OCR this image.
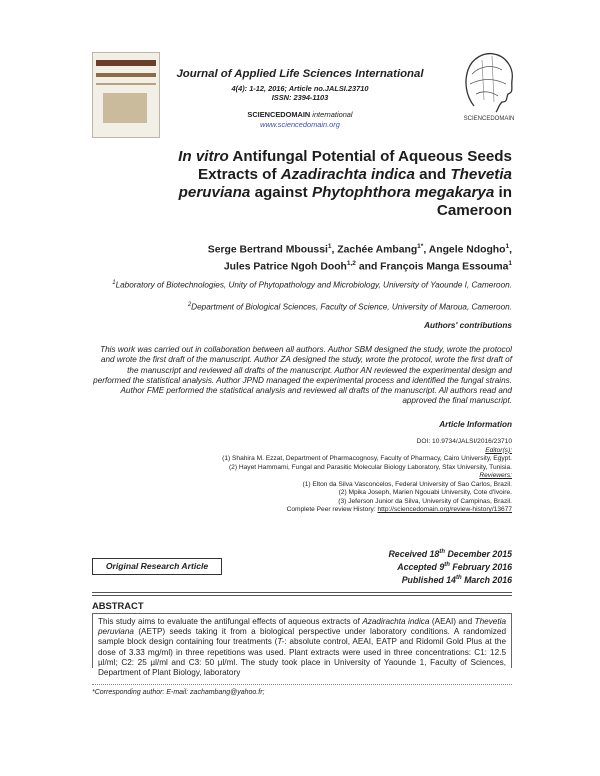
Journal of Applied Life Sciences International
4(4): 1-12, 2016; Article no.JALSI.23710
ISSN: 2394-1103
SCIENCEDOMAIN international
www.sciencedomain.org
SCIENCEDOMAIN
In vitro Antifungal Potential of Aqueous Seeds Extracts of Azadirachta indica and Thevetia peruviana against Phytophthora megakarya in Cameroon
Serge Bertrand Mboussi$^1$, Zachée Ambang$^{1*}$, Angele Ndogho$^1$,
Jules Patrice Ngoh Dooh$^{1,2}$ and François Manga Essouma$^1$
$^1$Laboratory of Biotechnologies, Unity of Phytopathology and Microbiology, University of Yaounde I, Cameroon.
$^2$Department of Biological Sciences, Faculty of Science, University of Maroua, Cameroon.
Authors' contributions
This work was carried out in collaboration between all authors. Author SBM designed the study, wrote the protocol and wrote the first draft of the manuscript. Author ZA designed the study, wrote the protocol, wrote the first draft of the manuscript and reviewed all drafts of the manuscript. Author AN reviewed the experimental design and performed the statistical analysis. Author JPND managed the experimental process and identified the fungal strains. Author FME performed the statistical analysis and reviewed all drafts of the manuscript. All authors read and approved the final manuscript.
Article Information
DOI: 10.9734/JALSI/2016/23710
Editor(s):
(1) Shahira M. Ezzat, Department of Pharmacognosy, Faculty of Pharmacy, Cairo University, Egypt.
(2) Hayet Hammami, Fungal and Parasitic Molecular Biology Laboratory, Sfax University, Tunisia.
Reviewers:
(1) Elton da Silva Vasconcelos, Federal University of Sao Carlos, Brazil.
(2) Mpika Joseph, Marien Ngouabi University, Cote d'Ivoire.
(3) Jeferson Junior da Silva, University of Campinas, Brazil.
Complete Peer review History: http://sciencedomain.org/review-history/13677
Received 18th December 2015
Accepted 9th February 2016
Published 14th March 2016
Original Research Article
ABSTRACT
This study aims to evaluate the antifungal effects of aqueous extracts of Azadirachta indica (AEAI) and Thevetia peruviana (AETP) seeds taking it from a biological perspective under laboratory conditions. A randomized sample block design containing four treatments (T-: absolute control, AEAI, EATP and Ridomil Gold Plus at the dose of 3.33 mg/ml) in three repetitions was used. Plant extracts were used in three concentrations: C1: 12.5 µl/ml; C2: 25 µl/ml and C3: 50 µl/ml. The study took place in University of Yaounde 1, Faculty of Sciences, Department of Plant Biology, laboratory
*Corresponding author: E-mail: zachambang@yahoo.fr;
